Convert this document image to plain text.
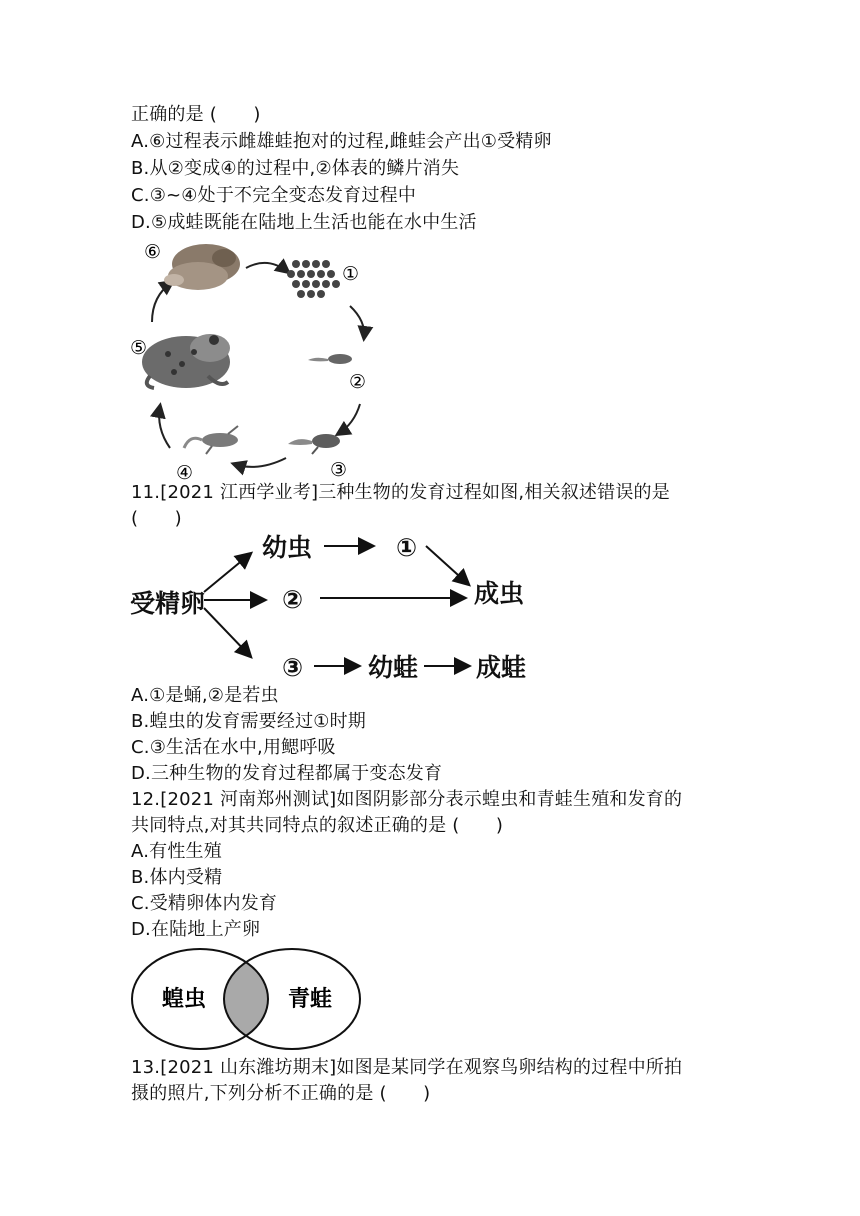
正确的是 (　　)
A.⑥过程表示雌雄蛙抱对的过程,雌蛙会产出①受精卵
B.从②变成④的过程中,②体表的鳞片消失
C.③~④处于不完全变态发育过程中
D.⑤成蛙既能在陆地上生活也能在水中生活
⑥
①
②
③
④
⑤
11.[2021 江西学业考]三种生物的发育过程如图,相关叙述错误的是
(　　)
受精卵
幼虫	①
②	成虫
③	幼蛙 成蛙
A.①是蛹,②是若虫
B.蝗虫的发育需要经过①时期
C.③生活在水中,用鳃呼吸
D.三种生物的发育过程都属于变态发育
12.[2021 河南郑州测试]如图阴影部分表示蝗虫和青蛙生殖和发育的
共同特点,对其共同特点的叙述正确的是 (　　)
A.有性生殖
B.体内受精
C.受精卵体内发育
D.在陆地上产卵
蝗虫	青蛙
13.[2021 山东潍坊期末]如图是某同学在观察鸟卵结构的过程中所拍
摄的照片,下列分析不正确的是 (　　)
